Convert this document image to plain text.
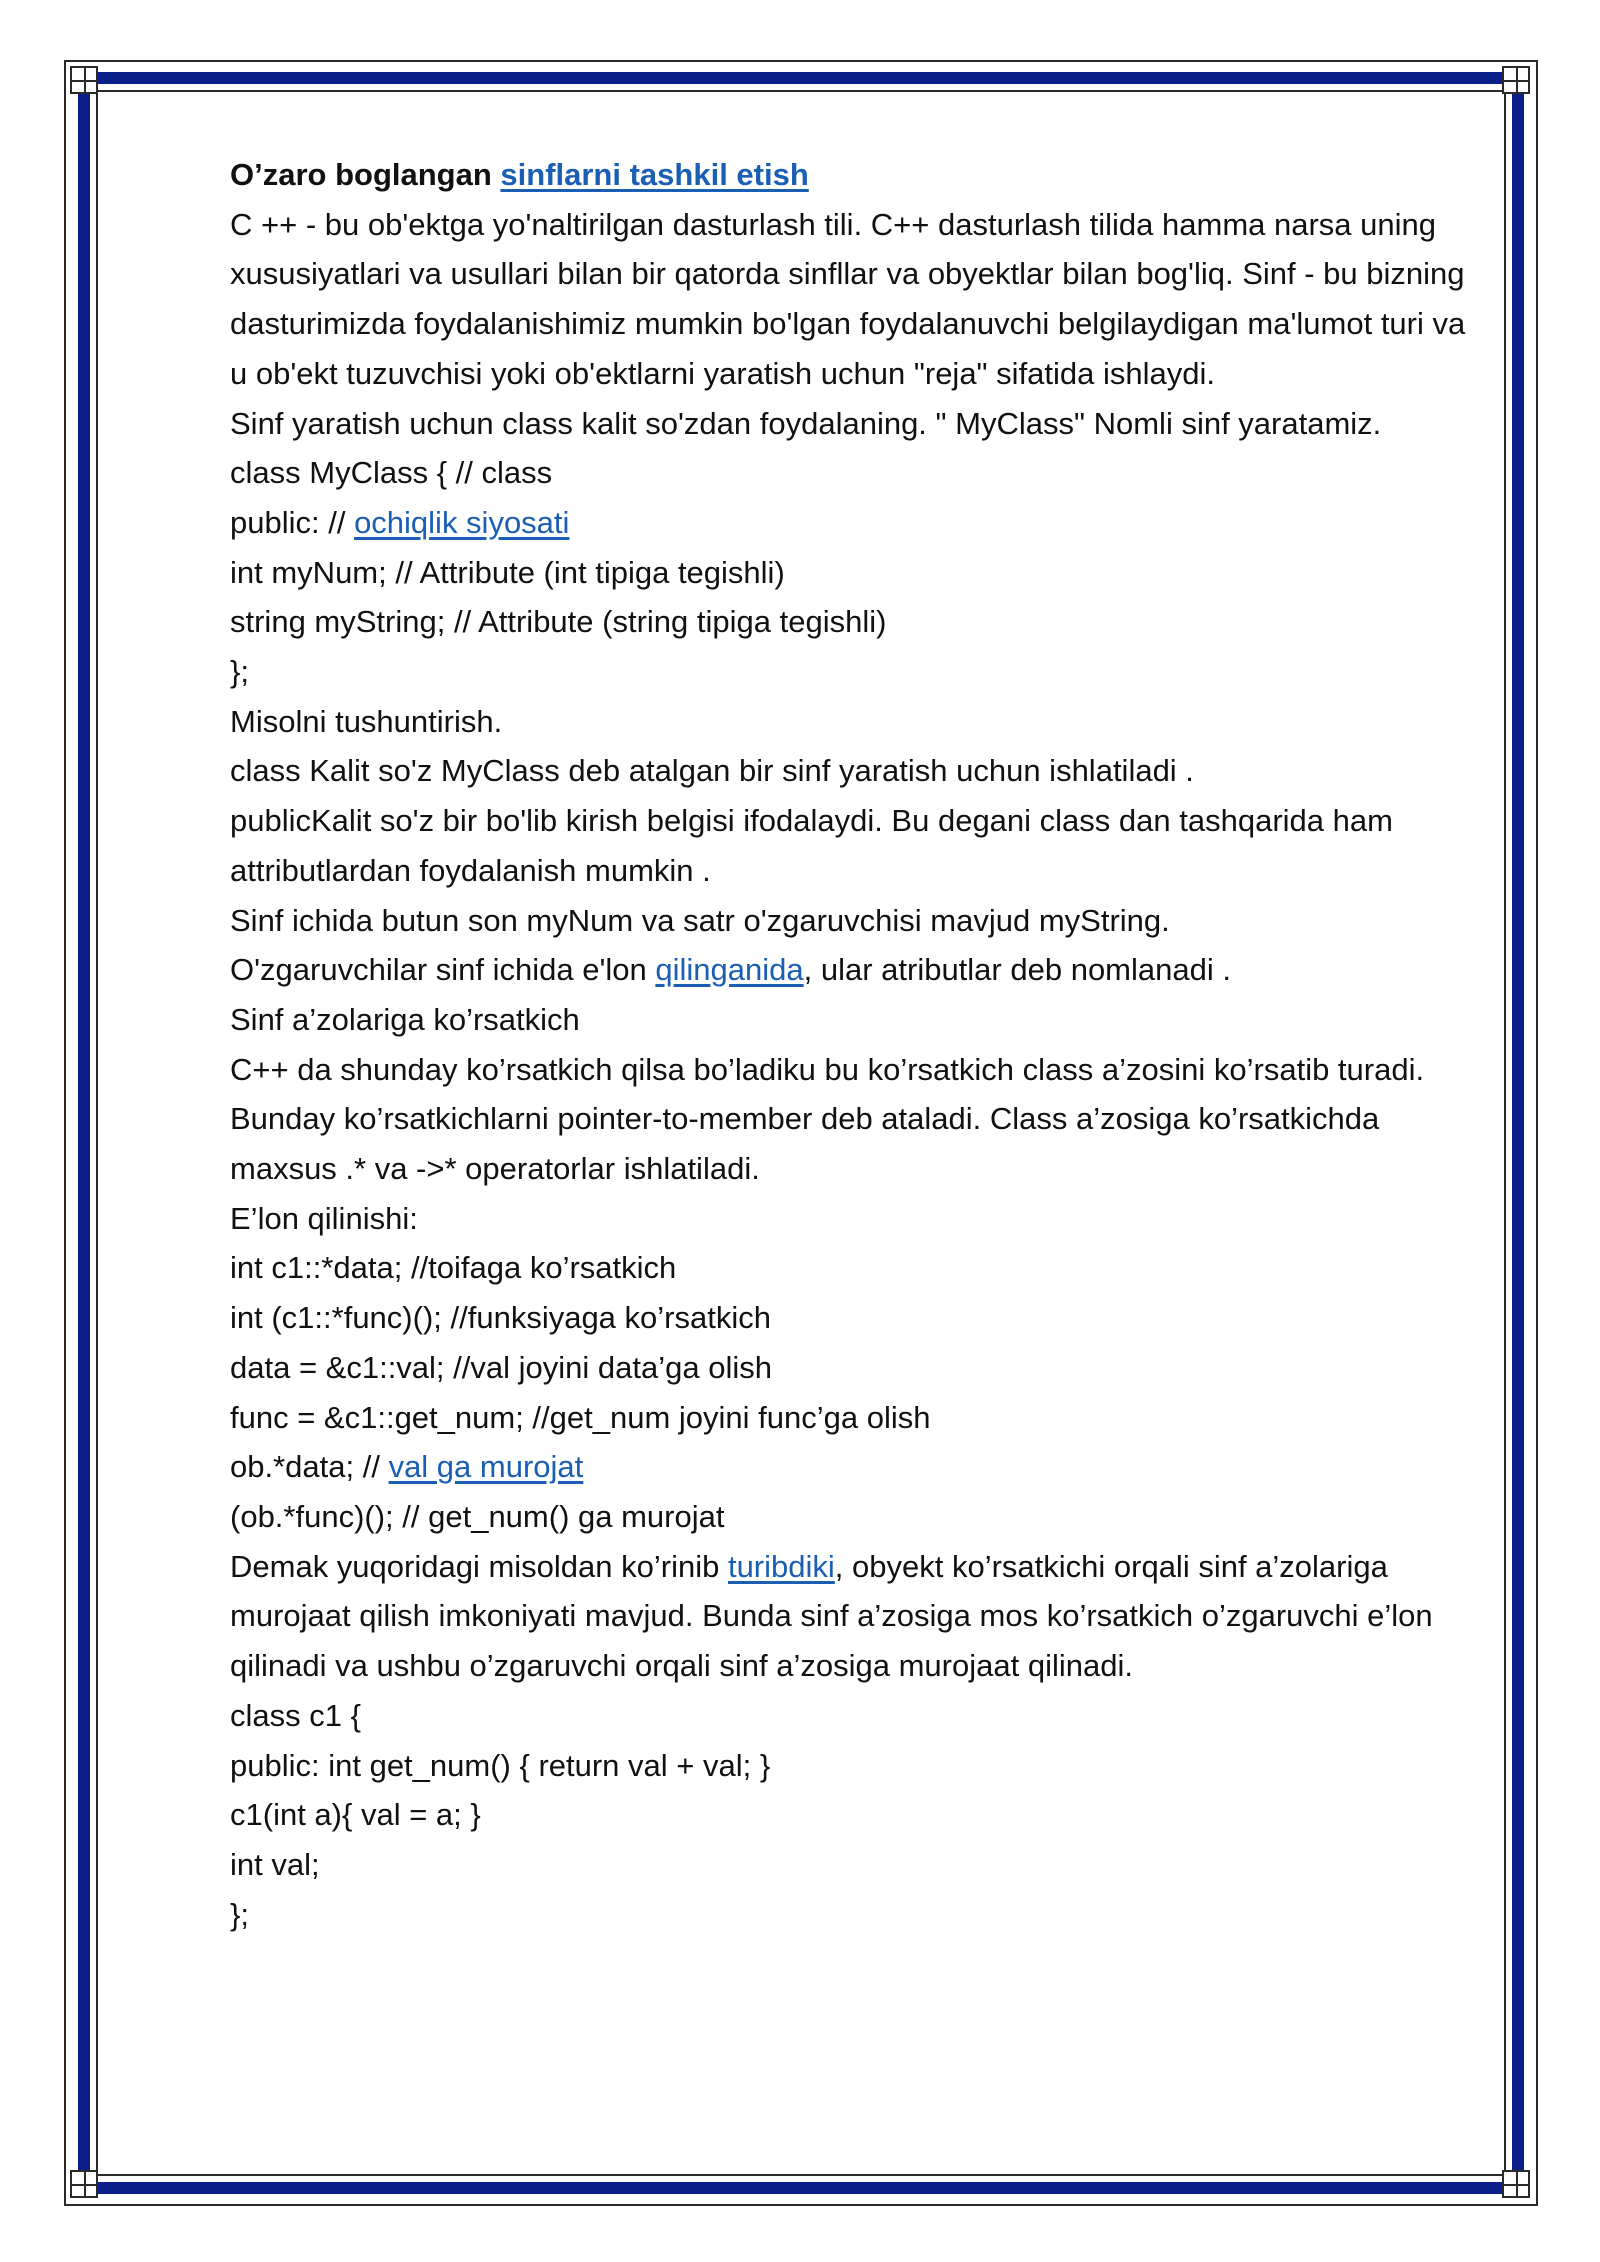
O’zaro boglangan sinflarni tashkil etish

C ++ - bu ob'ektga yo'naltirilgan dasturlash tili. C++ dasturlash tilida hamma narsa uning xususiyatlari va usullari bilan bir qatorda sinfllar va obyektlar bilan bog'liq. Sinf - bu bizning dasturimizda foydalanishimiz mumkin bo'lgan foydalanuvchi belgilaydigan ma'lumot turi va u ob'ekt tuzuvchisi yoki ob'ektlarni yaratish uchun "reja" sifatida ishlaydi.

Sinf yaratish uchun class kalit so'zdan foydalaning. " MyClass" Nomli sinf yaratamiz.

class MyClass { // class

public: // ochiqlik siyosati

int myNum; // Attribute (int tipiga tegishli)

string myString; // Attribute (string tipiga tegishli)

};

Misolni tushuntirish.

class Kalit so'z MyClass deb atalgan bir sinf yaratish uchun ishlatiladi .

publicKalit so'z bir bo'lib kirish belgisi ifodalaydi. Bu degani class dan tashqarida ham attributlardan foydalanish mumkin .

Sinf ichida butun son myNum va satr o'zgaruvchisi mavjud myString.

O'zgaruvchilar sinf ichida e'lon qilinganida, ular atributlar deb nomlanadi .

Sinf a’zolariga ko’rsatkich

C++ da shunday ko’rsatkich qilsa bo’ladiku bu ko’rsatkich class a’zosini ko’rsatib turadi. Bunday ko’rsatkichlarni pointer-to-member deb ataladi. Class a’zosiga ko’rsatkichda maxsus .* va ->* operatorlar ishlatiladi.

E’lon qilinishi:

int c1::*data; //toifaga ko’rsatkich

int (c1::*func)(); //funksiyaga ko’rsatkich

data = &c1::val; //val joyini data’ga olish

func = &c1::get_num; //get_num joyini func’ga olish

ob.*data; // val ga murojat

(ob.*func)(); // get_num() ga murojat

Demak yuqoridagi misoldan ko’rinib turibdiki, obyekt ko’rsatkichi orqali sinf a’zolariga murojaat qilish imkoniyati mavjud. Bunda sinf a’zosiga mos ko’rsatkich o’zgaruvchi e’lon qilinadi va ushbu o’zgaruvchi orqali sinf a’zosiga murojaat qilinadi.

class c1 {

public: int get_num() { return val + val; }

c1(int a){ val = a; }

int val;

};
